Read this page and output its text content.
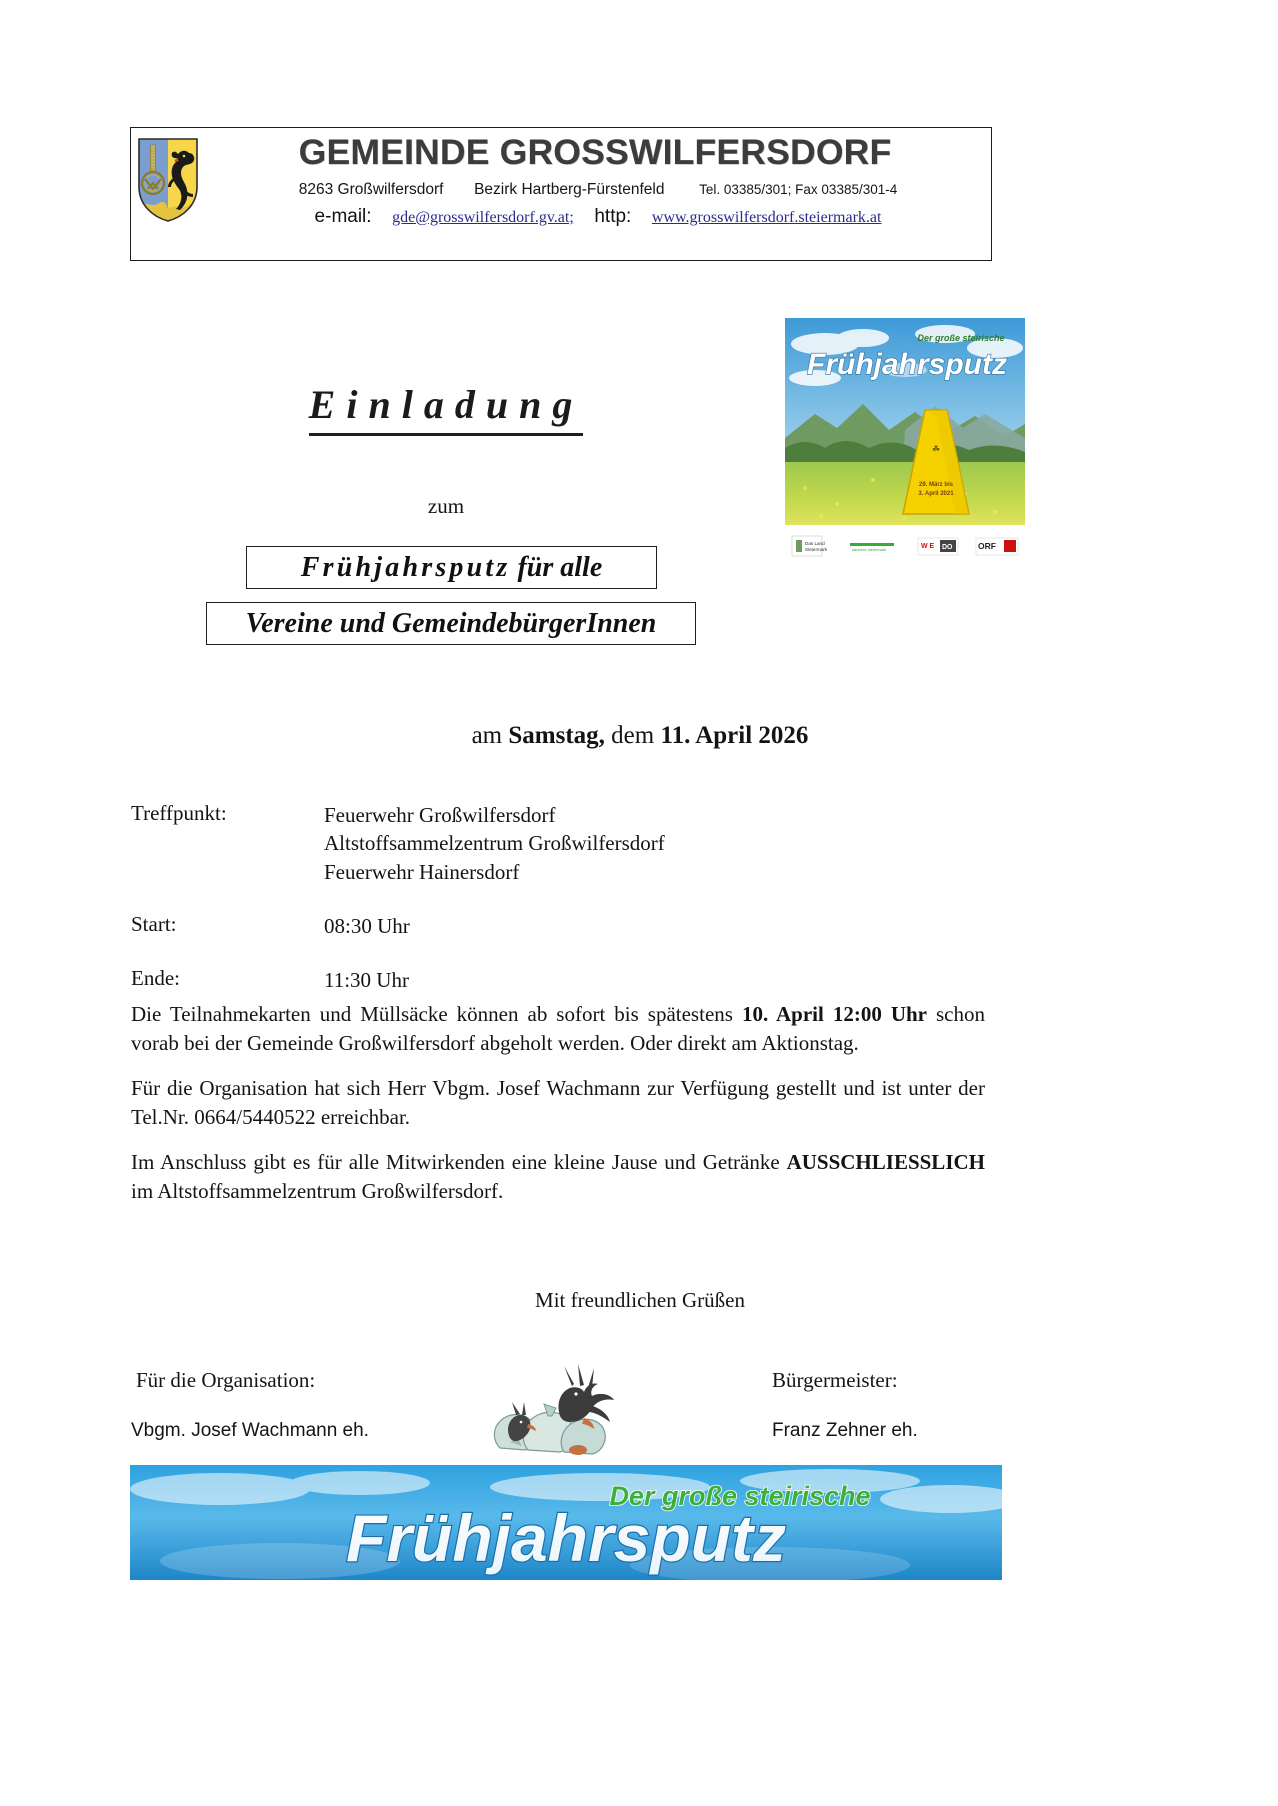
GEMEINDE GROSSWILFERSDORF
8263 Großwilfersdorf Bezirk Hartberg-Fürstenfeld	Tel. 03385/301; Fax 03385/301-4
e-mail: gde@grosswilfersdorf.gv.at; http: www.grosswilfersdorf.steiermark.at
Der große steirische
Frühjahrsputz
☘
29. März bis
3. April 2021
Das Land
Steiermark	saubere steiermark	W E DO	ORF
Einladung
zum
Frühjahrsputz für alle
Vereine und GemeindebürgerInnen
am Samstag, dem 11. April 2026
Treffpunkt:	Feuerwehr Großwilfersdorf
Altstoffsammelzentrum Großwilfersdorf
Feuerwehr Hainersdorf
Start:	08:30 Uhr
Ende:	11:30 Uhr
Die Teilnahmekarten und Müllsäcke können ab sofort bis spätestens 10. April 12:00 Uhr schon vorab bei der Gemeinde Großwilfersdorf abgeholt werden. Oder direkt am Aktionstag.
Für die Organisation hat sich Herr Vbgm. Josef Wachmann zur Verfügung gestellt und ist unter der Tel.Nr. 0664/5440522 erreichbar.
Im Anschluss gibt es für alle Mitwirkenden eine kleine Jause und Getränke AUSSCHLIESSLICH im Altstoffsammelzentrum Großwilfersdorf.
Mit freundlichen Grüßen
Für die Organisation:
Vbgm. Josef Wachmann eh.
Bürgermeister:
Franz Zehner eh.
Der große steirische
Frühjahrsputz
